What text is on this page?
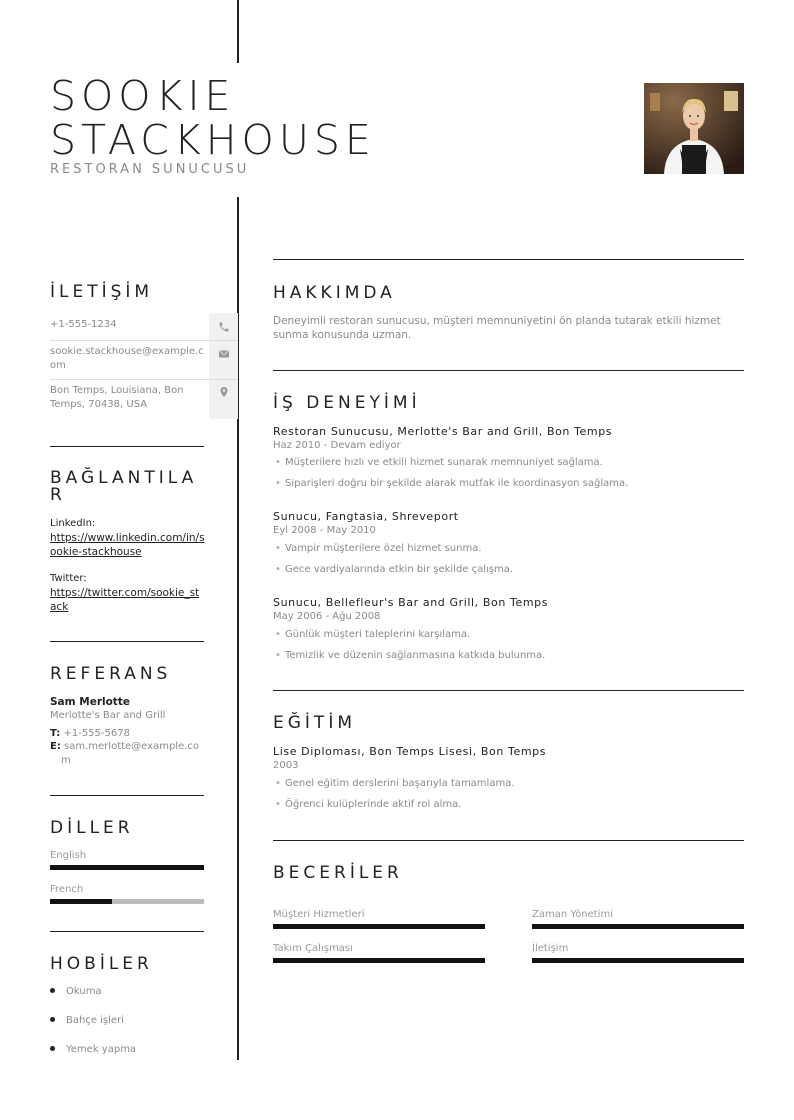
SOOKIE
STACKHOUSE
RESTORAN SUNUCUSU
İLETİŞİM
+1-555-1234
sookie.stackhouse@example.com
Bon Temps, Louisiana, Bon Temps, 70438, USA
BAĞLANTILA
R
LinkedIn:
https://www.linkedin.com/in/sookie-stackhouse
Twitter:
https://twitter.com/sookie_stack
REFERANS
Sam Merlotte
Merlotte's Bar and Grill
T: +1-555-5678
E: sam.merlotte@example.com
DİLLER
English
French
HOBİLER
Okuma
Bahçe işleri
Yemek yapma
HAKKIMDA
Deneyimli restoran sunucusu, müşteri memnuniyetini ön planda tutarak etkili hizmet sunma konusunda uzman.
İŞ DENEYİMİ
Restoran Sunucusu, Merlotte's Bar and Grill, Bon Temps
Haz 2010 - Devam ediyor
• Müşterilere hızlı ve etkili hizmet sunarak memnuniyet sağlama.
• Siparişleri doğru bir şekilde alarak mutfak ile koordinasyon sağlama.
Sunucu, Fangtasia, Shreveport
Eyl 2008 - May 2010
• Vampir müşterilere özel hizmet sunma.
• Gece vardiyalarında etkin bir şekilde çalışma.
Sunucu, Bellefleur's Bar and Grill, Bon Temps
May 2006 - Ağu 2008
• Günlük müşteri taleplerini karşılama.
• Temizlik ve düzenin sağlanmasına katkıda bulunma.
EĞİTİM
Lise Diploması, Bon Temps Lisesi, Bon Temps
2003
• Genel eğitim derslerini başarıyla tamamlama.
• Öğrenci kulüplerinde aktif rol alma.
BECERİLER
Müşteri Hizmetleri	Zaman Yönetimi
Takım Çalışması	İletişim
